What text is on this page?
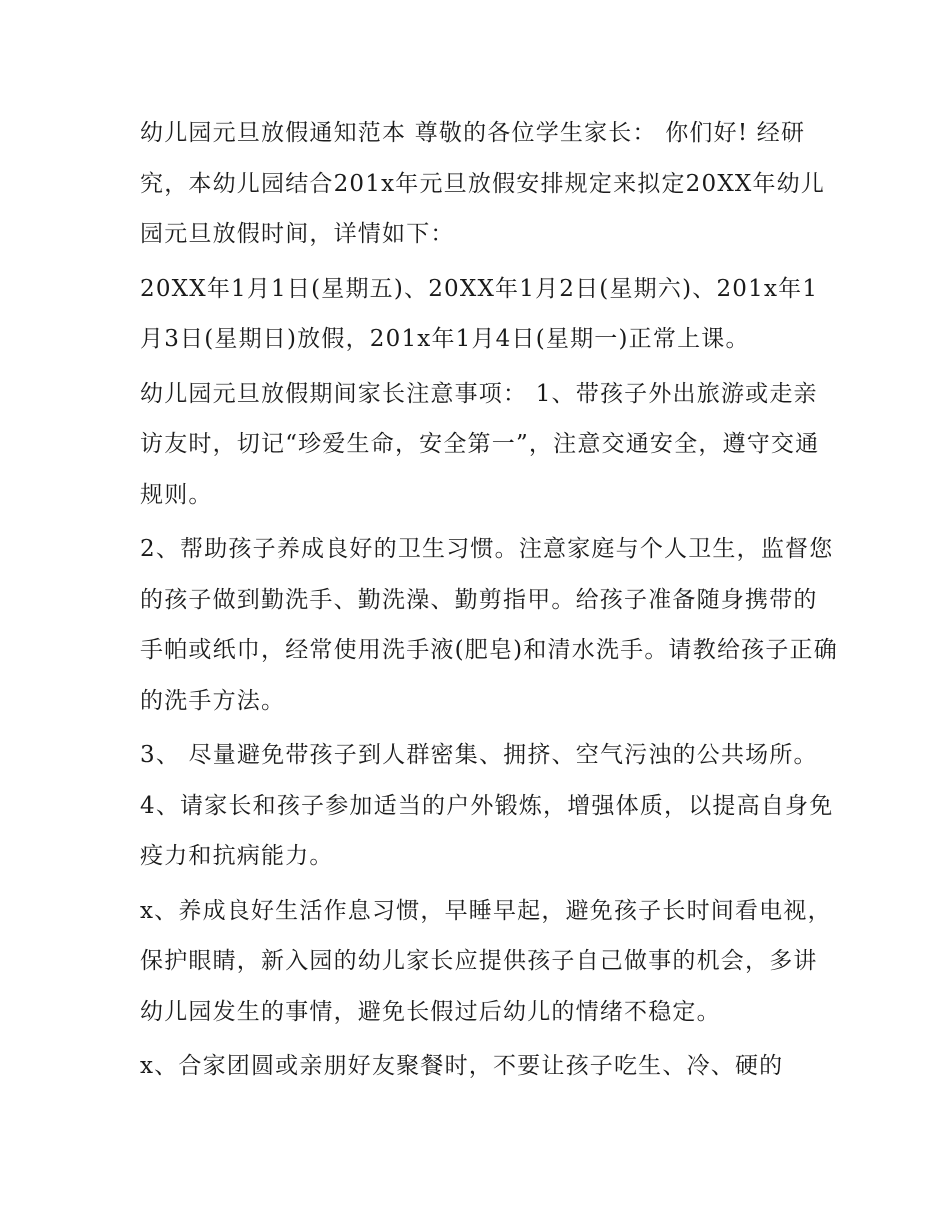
幼儿园元旦放假通知范本 尊敬的各位学生家长： 你们好! 经研究，本幼儿园结合201x年元旦放假安排规定来拟定20XX年幼儿园元旦放假时间，详情如下：

20XX年1月1日(星期五)、20XX年1月2日(星期六)、201x年1月3日(星期日)放假，201x年1月4日(星期一)正常上课。

幼儿园元旦放假期间家长注意事项： 1、带孩子外出旅游或走亲访友时，切记“珍爱生命，安全第一”，注意交通安全，遵守交通规则。

2、帮助孩子养成良好的卫生习惯。注意家庭与个人卫生，监督您的孩子做到勤洗手、勤洗澡、勤剪指甲。给孩子准备随身携带的手帕或纸巾，经常使用洗手液(肥皂)和清水洗手。请教给孩子正确的洗手方法。

3、 尽量避免带孩子到人群密集、拥挤、空气污浊的公共场所。 4、请家长和孩子参加适当的户外锻炼，增强体质，以提高自身免疫力和抗病能力。

x、养成良好生活作息习惯，早睡早起，避免孩子长时间看电视，保护眼睛，新入园的幼儿家长应提供孩子自己做事的机会，多讲幼儿园发生的事情，避免长假过后幼儿的情绪不稳定。

x、合家团圆或亲朋好友聚餐时，不要让孩子吃生、冷、硬的
